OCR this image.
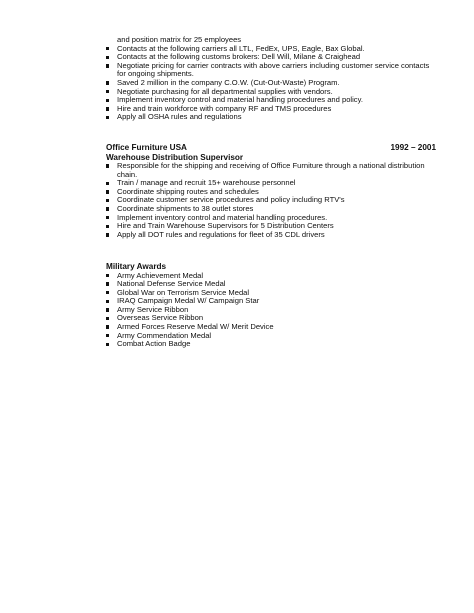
and position matrix for 25 employees
Contacts at the following carriers all LTL, FedEx, UPS, Eagle, Bax Global.
Contacts at the following customs brokers: Dell Will, Milane & Craighead
Negotiate pricing for carrier contracts with above carriers including customer service contacts for ongoing shipments.
Saved 2 million in the company C.O.W. (Cut-Out-Waste) Program.
Negotiate purchasing for all departmental supplies with vendors.
Implement inventory control and material handling procedures and policy.
Hire and train workforce with company RF and TMS procedures
Apply all OSHA rules and regulations
Office Furniture USA	1992 – 2001
Warehouse Distribution Supervisor
Responsible for the shipping and receiving of Office Furniture through a national distribution chain.
Train / manage and recruit 15+ warehouse personnel
Coordinate shipping routes and schedules
Coordinate customer service procedures and policy including RTV's
Coordinate shipments to 38 outlet stores
Implement inventory control and material handling procedures.
Hire and Train Warehouse Supervisors for 5 Distribution Centers
Apply all DOT rules and regulations for fleet of 35 CDL drivers
Military Awards
Army Achievement Medal
National Defense Service Medal
Global War on Terrorism Service Medal
IRAQ Campaign Medal W/ Campaign Star
Army Service Ribbon
Overseas Service Ribbon
Armed Forces Reserve Medal W/ Merit Device
Army Commendation Medal
Combat Action Badge
